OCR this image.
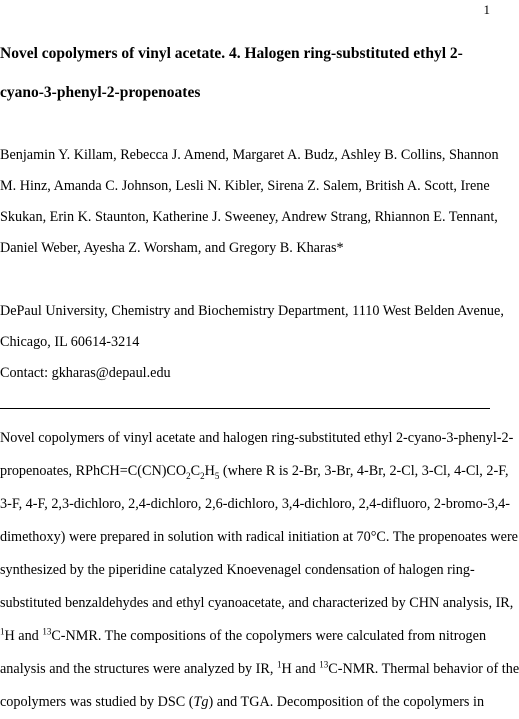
1
Novel copolymers of vinyl acetate. 4. Halogen ring-substituted ethyl 2-
cyano-3-phenyl-2-propenoates
Benjamin Y. Killam, Rebecca J. Amend, Margaret A. Budz, Ashley B. Collins, Shannon
M. Hinz, Amanda C. Johnson, Lesli N. Kibler, Sirena Z. Salem, British A. Scott, Irene
Skukan, Erin K. Staunton, Katherine J. Sweeney, Andrew Strang, Rhiannon E. Tennant,
Daniel Weber, Ayesha Z. Worsham, and Gregory B. Kharas*
DePaul University, Chemistry and Biochemistry Department, 1110 West Belden Avenue,
Chicago, IL 60614-3214
Contact: gkharas@depaul.edu
Novel copolymers of vinyl acetate and halogen ring-substituted ethyl 2-cyano-3-phenyl-2-
propenoates, $RPhCH=C(CN)CO_2C_2H_5$ (where R is 2-Br, 3-Br, 4-Br, 2-Cl, 3-Cl, 4-Cl, 2-F,
3-F, 4-F, 2,3-dichloro, 2,4-dichloro, 2,6-dichloro, 3,4-dichloro, 2,4-difluoro, 2-bromo-3,4-
dimethoxy) were prepared in solution with radical initiation at 70°C. The propenoates were
synthesized by the piperidine catalyzed Knoevenagel condensation of halogen ring-
substituted benzaldehydes and ethyl cyanoacetate, and characterized by CHN analysis, IR,
$^1$H and $^{13}$C-NMR. The compositions of the copolymers were calculated from nitrogen
analysis and the structures were analyzed by IR, $^1$H and $^{13}$C-NMR. Thermal behavior of the
copolymers was studied by DSC (Tg) and TGA. Decomposition of the copolymers in
